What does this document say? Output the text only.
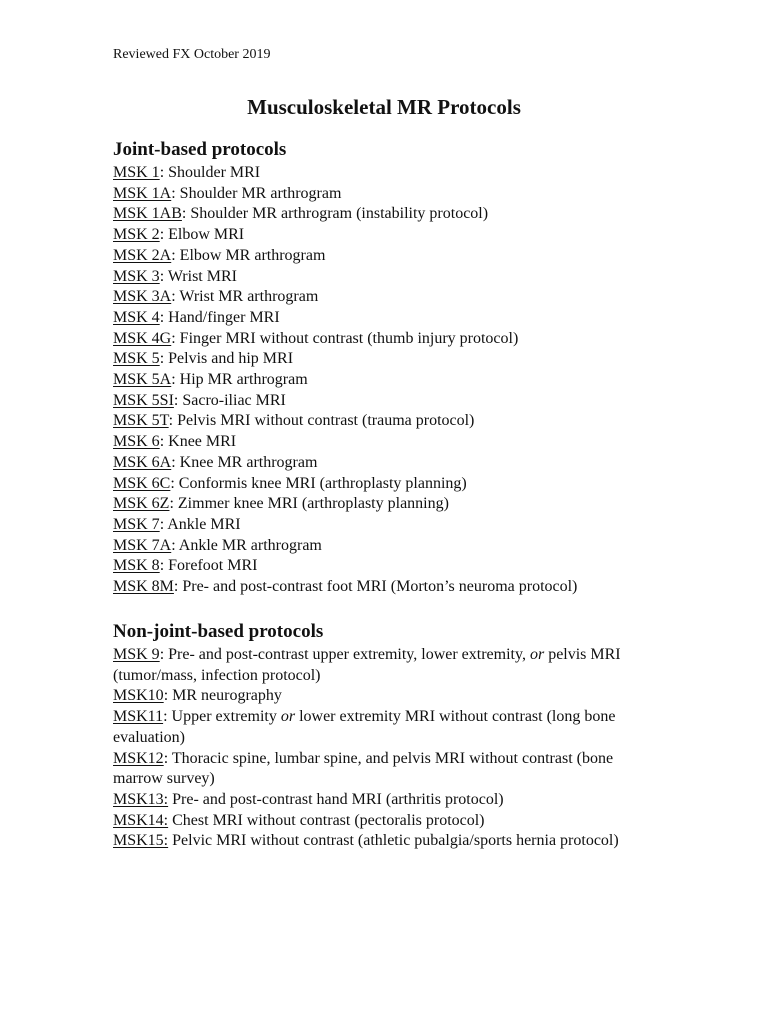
Reviewed FX October 2019
Musculoskeletal MR Protocols
Joint-based protocols
MSK 1: Shoulder MRI
MSK 1A: Shoulder MR arthrogram
MSK 1AB: Shoulder MR arthrogram (instability protocol)
MSK 2: Elbow MRI
MSK 2A: Elbow MR arthrogram
MSK 3: Wrist MRI
MSK 3A: Wrist MR arthrogram
MSK 4: Hand/finger MRI
MSK 4G: Finger MRI without contrast (thumb injury protocol)
MSK 5: Pelvis and hip MRI
MSK 5A: Hip MR arthrogram
MSK 5SI: Sacro-iliac MRI
MSK 5T: Pelvis MRI without contrast (trauma protocol)
MSK 6: Knee MRI
MSK 6A: Knee MR arthrogram
MSK 6C: Conformis knee MRI (arthroplasty planning)
MSK 6Z: Zimmer knee MRI (arthroplasty planning)
MSK 7: Ankle MRI
MSK 7A: Ankle MR arthrogram
MSK 8: Forefoot MRI
MSK 8M: Pre- and post-contrast foot MRI (Morton’s neuroma protocol)
Non-joint-based protocols
MSK 9: Pre- and post-contrast upper extremity, lower extremity, or pelvis MRI (tumor/mass, infection protocol)
MSK10: MR neurography
MSK11: Upper extremity or lower extremity MRI without contrast (long bone evaluation)
MSK12: Thoracic spine, lumbar spine, and pelvis MRI without contrast (bone marrow survey)
MSK13: Pre- and post-contrast hand MRI (arthritis protocol)
MSK14: Chest MRI without contrast (pectoralis protocol)
MSK15: Pelvic MRI without contrast (athletic pubalgia/sports hernia protocol)
